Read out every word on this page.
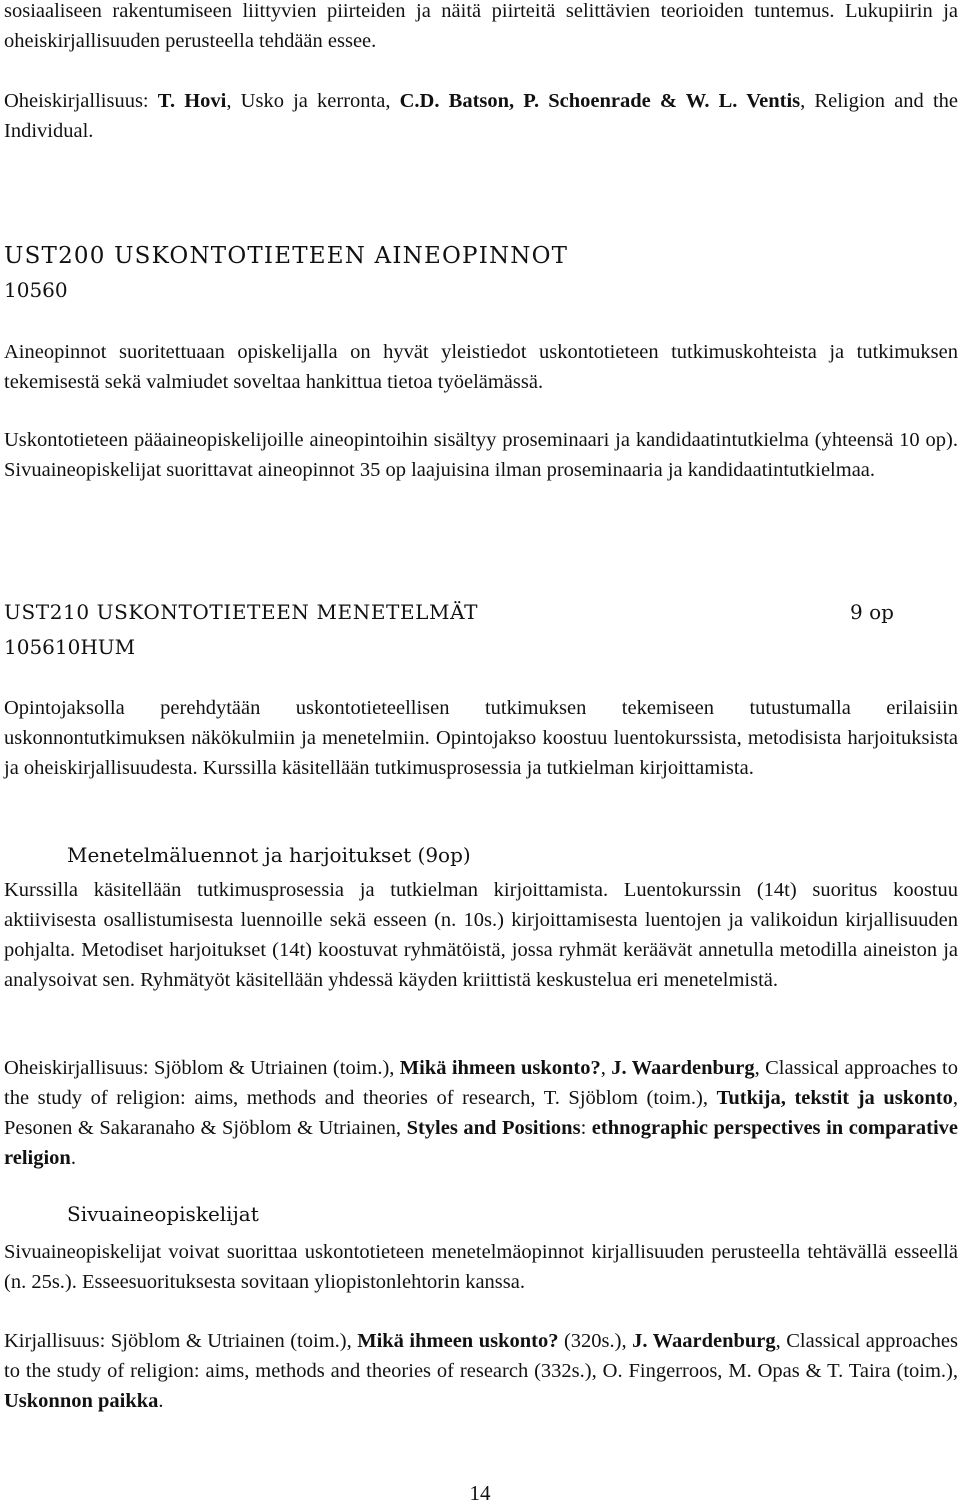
sosiaaliseen rakentumiseen liittyvien piirteiden ja näitä piirteitä selittävien teorioiden tuntemus. Lukupiirin ja oheiskirjallisuuden perusteella tehdään essee.

Oheiskirjallisuus: T. Hovi, Usko ja kerronta, C.D. Batson, P. Schoenrade & W. L. Ventis, Religion and the Individual.

UST200 USKONTOTIETEEN AINEOPINNOT
10560

Aineopinnot suoritettuaan opiskelijalla on hyvät yleistiedot uskontotieteen tutkimuskohteista ja tutkimuksen tekemisestä sekä valmiudet soveltaa hankittua tietoa työelämässä.

Uskontotieteen pääaineopiskelijoille aineopintoihin sisältyy proseminaari ja kandidaatintutkielma (yhteensä 10 op). Sivuaineopiskelijat suorittavat aineopinnot 35 op laajuisina ilman proseminaaria ja kandidaatintutkielmaa.

UST210 USKONTOTIETEEN MENETELMÄT	9 op
105610HUM

Opintojaksolla perehdytään uskontotieteellisen tutkimuksen tekemiseen tutustumalla erilaisiin uskonnontutkimuksen näkökulmiin ja menetelmiin. Opintojakso koostuu luentokurssista, metodisista harjoituksista ja oheiskirjallisuudesta. Kurssilla käsitellään tutkimusprosessia ja tutkielman kirjoittamista.

Menetelmäluennot ja harjoitukset (9op)

Kurssilla käsitellään tutkimusprosessia ja tutkielman kirjoittamista. Luentokurssin (14t) suoritus koostuu aktiivisesta osallistumisesta luennoille sekä esseen (n. 10s.) kirjoittamisesta luentojen ja valikoidun kirjallisuuden pohjalta. Metodiset harjoitukset (14t) koostuvat ryhmätöistä, jossa ryhmät keräävät annetulla metodilla aineiston ja analysoivat sen. Ryhmätyöt käsitellään yhdessä käyden kriittistä keskustelua eri menetelmistä.

Oheiskirjallisuus: Sjöblom & Utriainen (toim.), Mikä ihmeen uskonto?, J. Waardenburg, Classical approaches to the study of religion: aims, methods and theories of research, T. Sjöblom (toim.), Tutkija, tekstit ja uskonto, Pesonen & Sakaranaho & Sjöblom & Utriainen, Styles and Positions: ethnographic perspectives in comparative religion.

Sivuaineopiskelijat

Sivuaineopiskelijat voivat suorittaa uskontotieteen menetelmäopinnot kirjallisuuden perusteella tehtävällä esseellä (n. 25s.). Esseesuorituksesta sovitaan yliopistonlehtorin kanssa.

Kirjallisuus: Sjöblom & Utriainen (toim.), Mikä ihmeen uskonto? (320s.), J. Waardenburg, Classical approaches to the study of religion: aims, methods and theories of research (332s.), O. Fingerroos, M. Opas & T. Taira (toim.), Uskonnon paikka.

14
